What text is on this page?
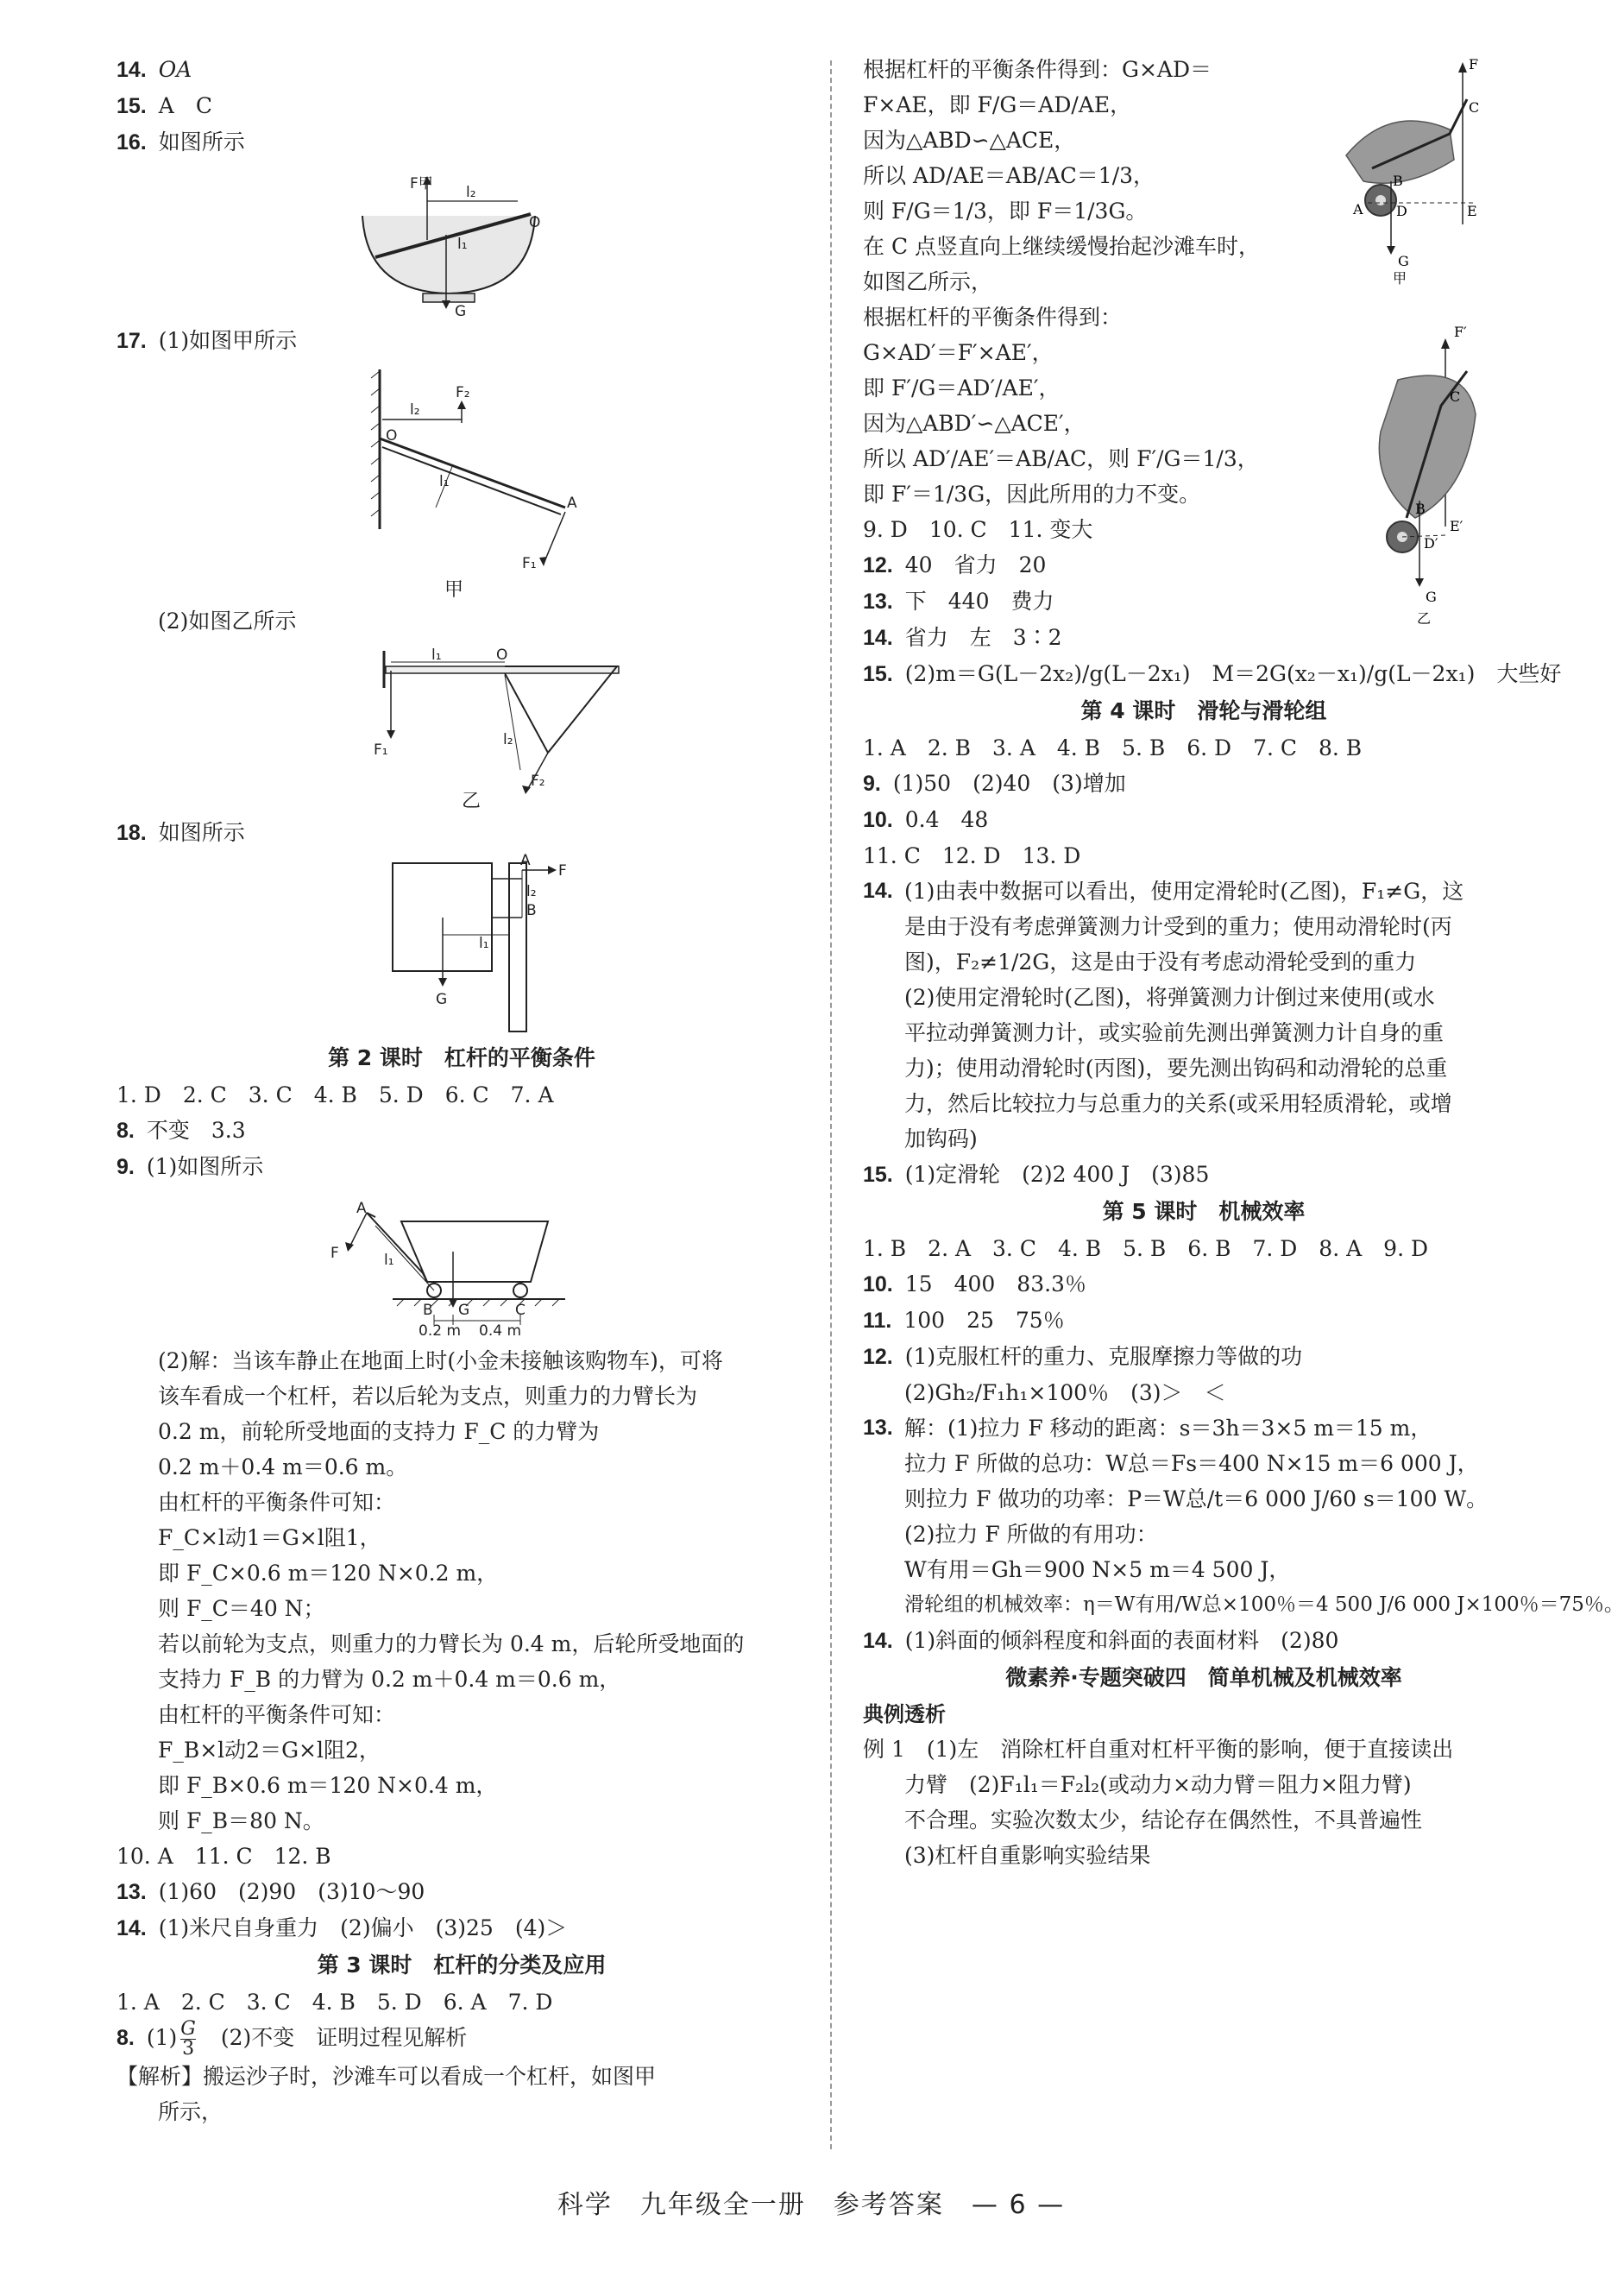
14. OA
15. A　C
16. 如图所示
F甲 l₂
O
l₁
G
17. (1)如图甲所示
F₂
l₂
O
l₁
A
F₁
甲
(2)如图乙所示
l₁	O
l₂
F₁
F₂
乙
18. 如图所示
A
F
l₂
B
l₁
G
第 2 课时　杠杆的平衡条件
1. D　2. C　3. C　4. B　5. D　6. C　7. A
8. 不变　3.3
9. (1)如图所示
A
F	l₁
B G	C
0.2 m 0.4 m
(2)解：当该车静止在地面上时(小金未接触该购物车)，可将
该车看成一个杠杆，若以后轮为支点，则重力的力臂长为
0.2 m，前轮所受地面的支持力 F_C 的力臂为
0.2 m＋0.4 m＝0.6 m。
由杠杆的平衡条件可知：
F_C×l动1＝G×l阻1，
即 F_C×0.6 m＝120 N×0.2 m，
则 F_C＝40 N；
若以前轮为支点，则重力的力臂长为 0.4 m，后轮所受地面的
支持力 F_B 的力臂为 0.2 m＋0.4 m＝0.6 m，
由杠杆的平衡条件可知：
F_B×l动2＝G×l阻2，
即 F_B×0.6 m＝120 N×0.4 m，
则 F_B＝80 N。
10. A　11. C　12. B
13. (1)60　(2)90　(3)10～90
14. (1)米尺自身重力　(2)偏小　(3)25　(4)＞
第 3 课时　杠杆的分类及应用
1. A　2. C　3. C　4. B　5. D　6. A　7. D
8. $(1) \frac{G}{3}$ 　(2)不变　证明过程见解析
【解析】搬运沙子时，沙滩车可以看成一个杠杆，如图甲
所示，
根据杠杆的平衡条件得到：G×AD＝
F×AE，即 F/G＝AD/AE，
因为△ABD∽△ACE，
所以 AD/AE＝AB/AC＝1/3，
则 F/G＝1/3，即 F＝1/3G。
在 C 点竖直向上继续缓慢抬起沙滩车时，
如图乙所示，
根据杠杆的平衡条件得到：
G×AD′＝F′×AE′，
即 F′/G＝AD′/AE′，
因为△ABD′∽△ACE′，
所以 AD′/AE′＝AB/AC，则 F′/G＝1/3，
即 F′＝1/3G，因此所用的力不变。
F
C
B
A D	E
G
甲
F′
C
B
E′
D′
G
乙
9. D　10. C　11. 变大
12. 40　省力　20
13. 下　440　费力
14. 省力　左　3∶2
15. (2)m＝G(L－2x₂)/g(L－2x₁)　M＝2G(x₂－x₁)/g(L－2x₁)　大些好
第 4 课时　滑轮与滑轮组
1. A　2. B　3. A　4. B　5. B　6. D　7. C　8. B
9. (1)50　(2)40　(3)增加
10. 0.4　48
11. C　12. D　13. D
14. (1)由表中数据可以看出，使用定滑轮时(乙图)，F₁≠G，这
是由于没有考虑弹簧测力计受到的重力；使用动滑轮时(丙
图)，F₂≠1/2G，这是由于没有考虑动滑轮受到的重力
(2)使用定滑轮时(乙图)，将弹簧测力计倒过来使用(或水
平拉动弹簧测力计，或实验前先测出弹簧测力计自身的重
力)；使用动滑轮时(丙图)，要先测出钩码和动滑轮的总重
力，然后比较拉力与总重力的关系(或采用轻质滑轮，或增
加钩码)
15. (1)定滑轮　(2)2 400 J　(3)85
第 5 课时　机械效率
1. B　2. A　3. C　4. B　5. B　6. B　7. D　8. A　9. D
10. 15　400　83.3％
11. 100　25　75％
12. (1)克服杠杆的重力、克服摩擦力等做的功
(2)Gh₂/F₁h₁×100％　(3)＞　＜
13. 解：(1)拉力 F 移动的距离：s＝3h＝3×5 m＝15 m，
拉力 F 所做的总功：W总＝Fs＝400 N×15 m＝6 000 J，
则拉力 F 做功的功率：P＝W总/t＝6 000 J/60 s＝100 W。
(2)拉力 F 所做的有用功：
W有用＝Gh＝900 N×5 m＝4 500 J，
滑轮组的机械效率：η＝W有用/W总×100％＝4 500 J/6 000 J×100％＝75％。
14. (1)斜面的倾斜程度和斜面的表面材料　(2)80
微素养·专题突破四　简单机械及机械效率
典例透析
例 1　(1)左　消除杠杆自重对杠杆平衡的影响，便于直接读出
力臂　(2)F₁l₁＝F₂l₂(或动力×动力臂＝阻力×阻力臂)
不合理。实验次数太少，结论存在偶然性，不具普遍性
(3)杠杆自重影响实验结果
科学　九年级全一册　参考答案　— 6 —
